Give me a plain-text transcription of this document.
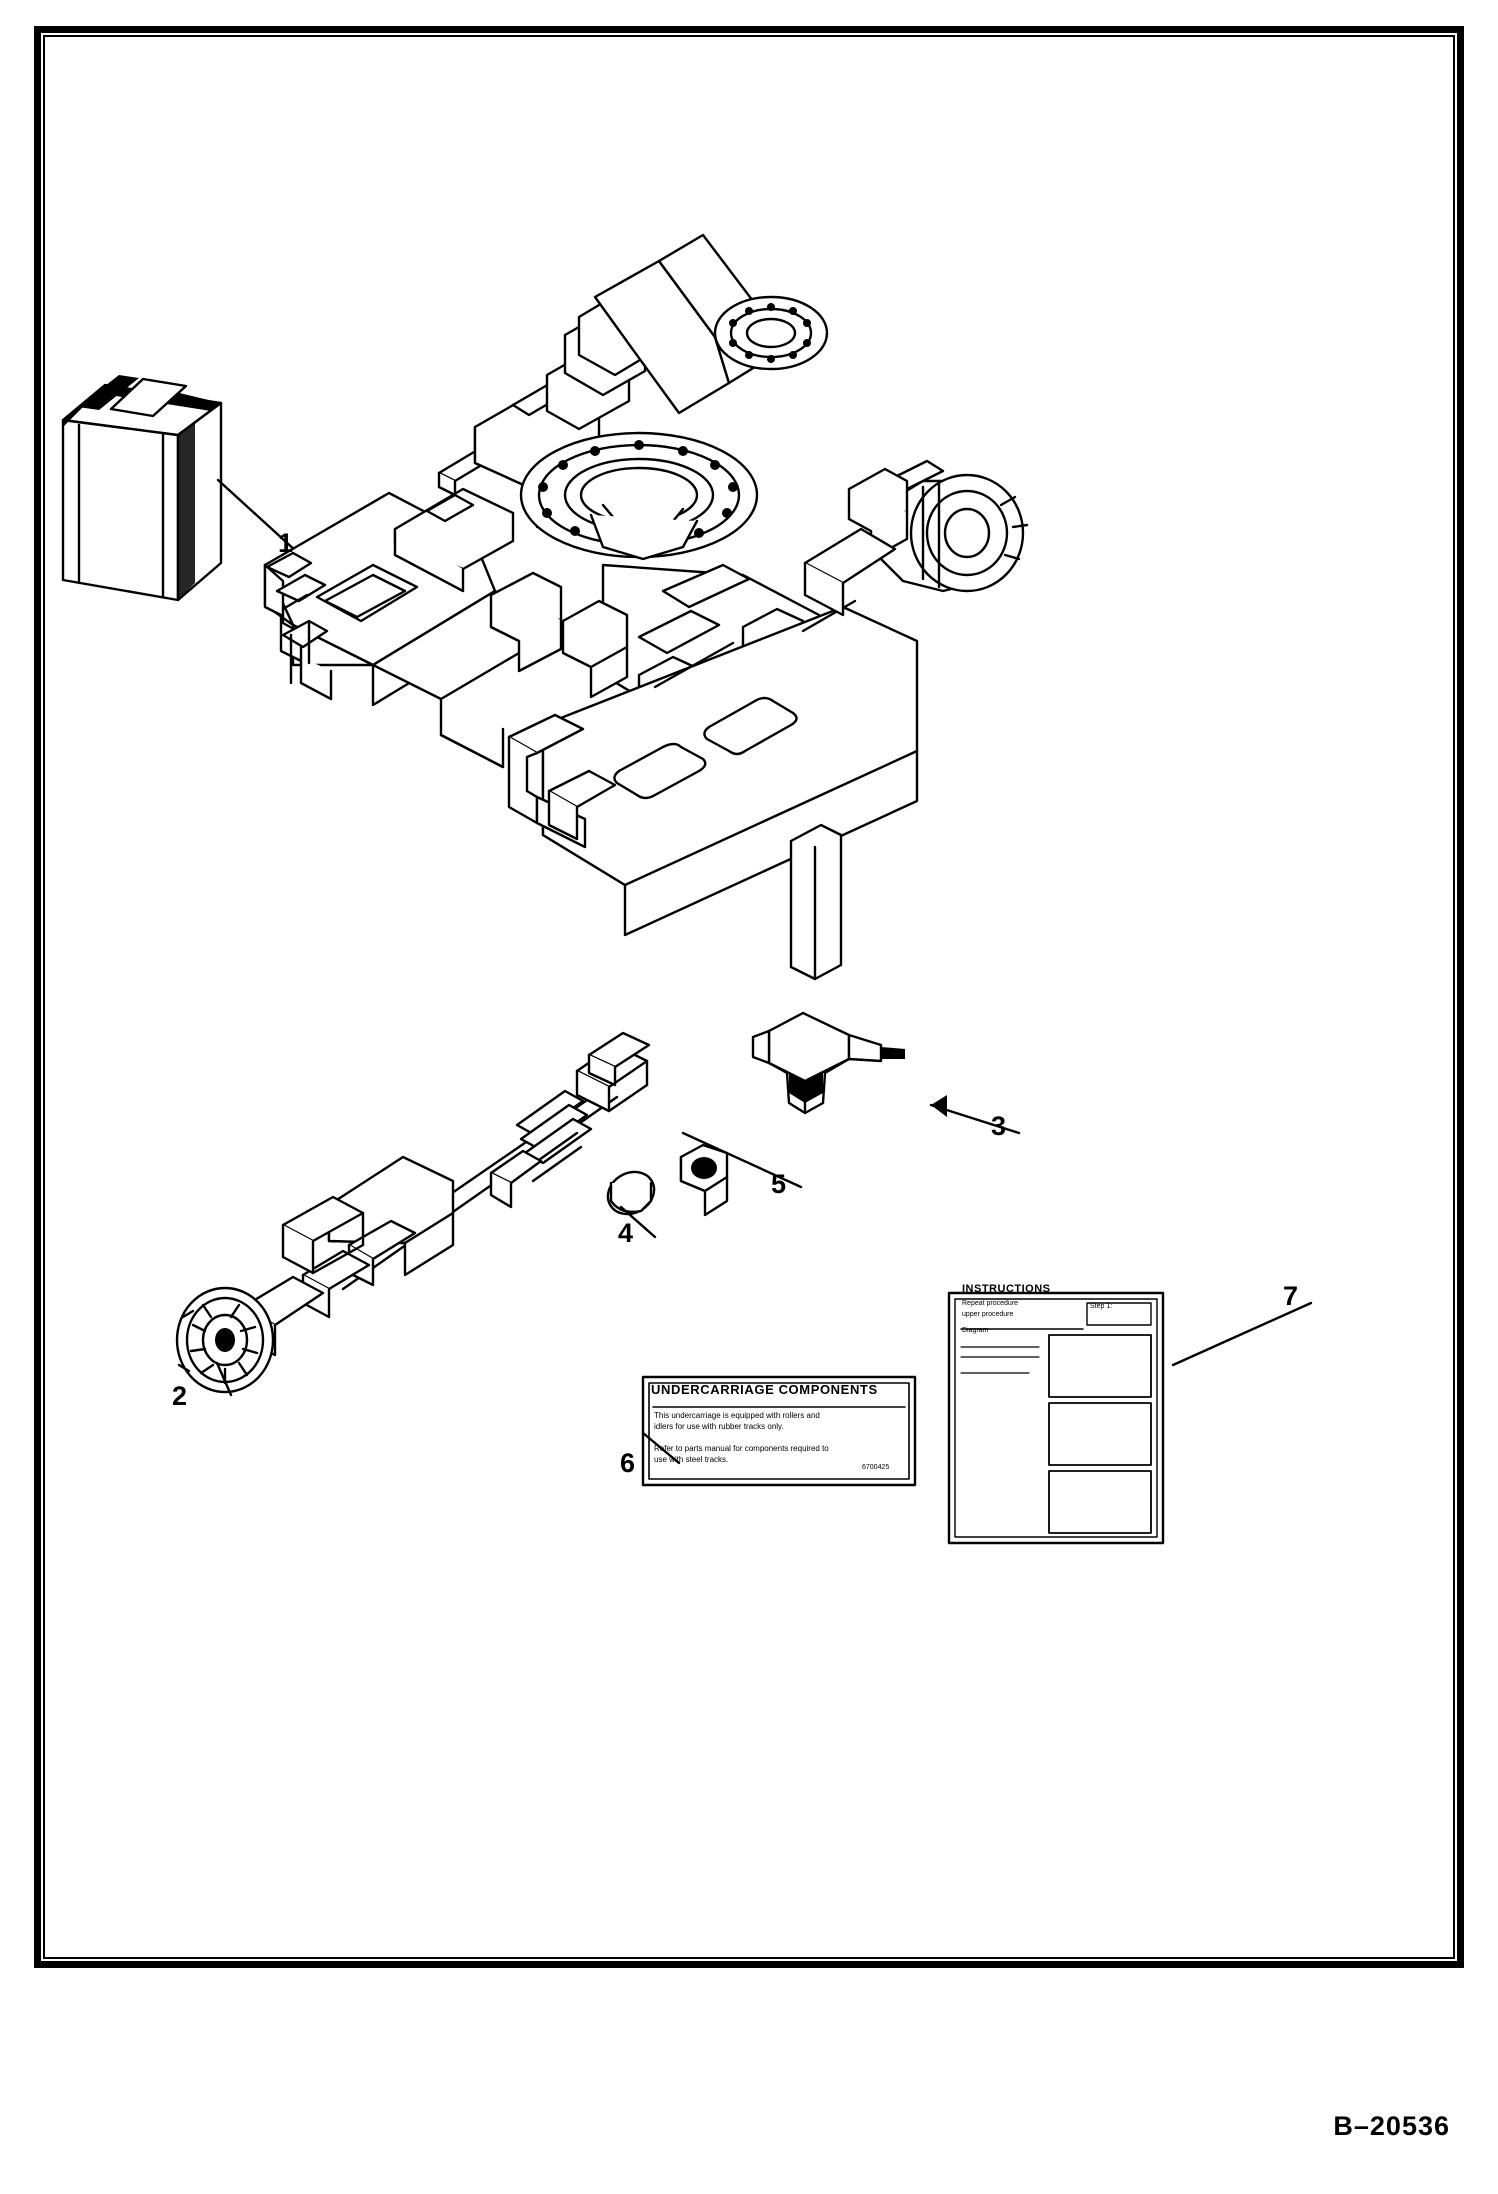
UNDERCARRIAGE COMPONENTS
This undercarriage is equipped with rollers and
idlers for use with rubber tracks only.
Refer to parts manual for components required to
use with steel tracks.
6700425
INSTRUCTIONS
Repeat procedure
upper procedure
Diagram
Step 1:
1
2
3
4
5
6
7
B–20536
